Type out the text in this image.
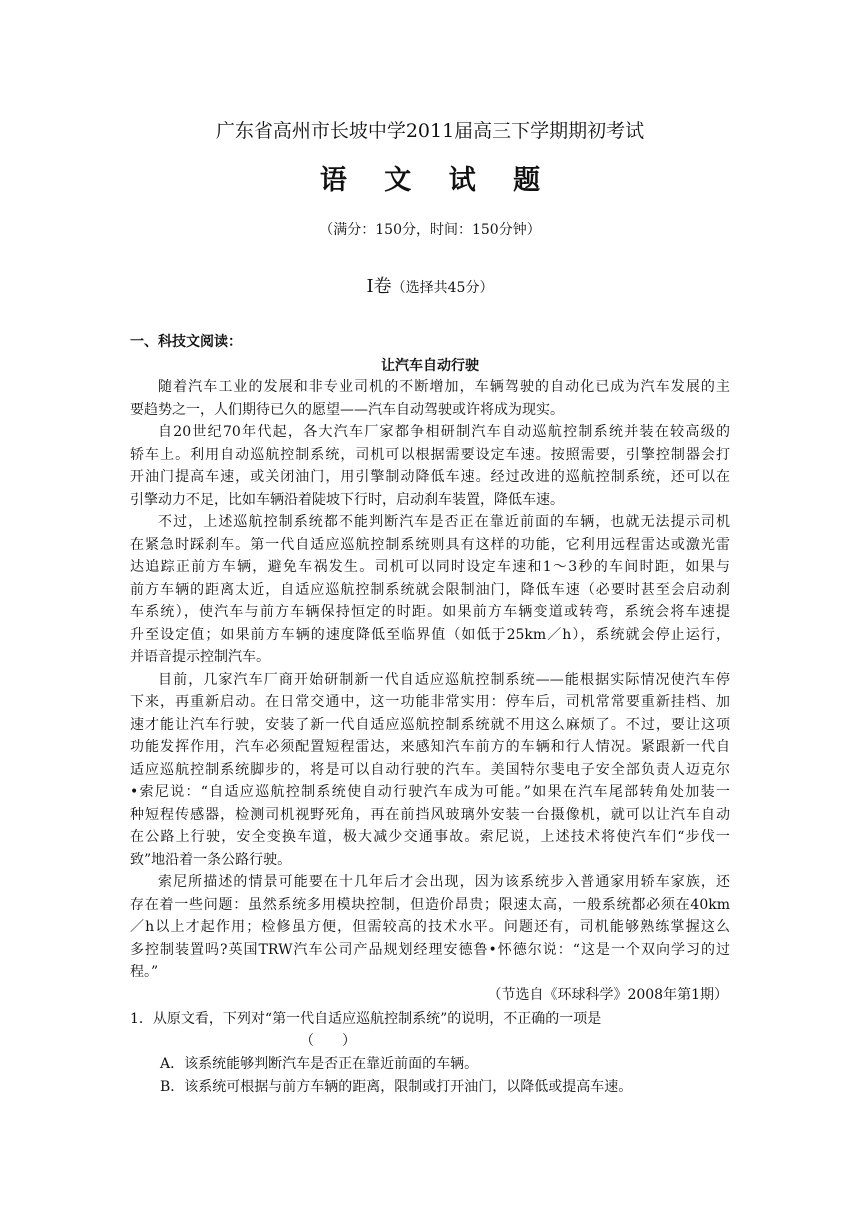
广东省高州市长坡中学2011届高三下学期期初考试
语 文 试 题
（满分：150分，时间：150分钟）
Ⅰ卷（选择共45分）
一、科技文阅读：
让汽车自动行驶
随着汽车工业的发展和非专业司机的不断增加，车辆驾驶的自动化已成为汽车发展的主
要趋势之一，人们期待已久的愿望——汽车自动驾驶或许将成为现实。
自20世纪70年代起，各大汽车厂家都争相研制汽车自动巡航控制系统并装在较高级的
轿车上。利用自动巡航控制系统，司机可以根据需要设定车速。按照需要，引擎控制器会打
开油门提高车速，或关闭油门，用引擎制动降低车速。经过改进的巡航控制系统，还可以在
引擎动力不足，比如车辆沿着陡坡下行时，启动刹车装置，降低车速。
不过，上述巡航控制系统都不能判断汽车是否正在靠近前面的车辆，也就无法提示司机
在紧急时踩刹车。第一代自适应巡航控制系统则具有这样的功能，它利用远程雷达或激光雷
达追踪正前方车辆，避免车祸发生。司机可以同时设定车速和1～3秒的车间时距，如果与
前方车辆的距离太近，自适应巡航控制系统就会限制油门，降低车速（必要时甚至会启动刹
车系统），使汽车与前方车辆保持恒定的时距。如果前方车辆变道或转弯，系统会将车速提
升至设定值；如果前方车辆的速度降低至临界值（如低于25km／h），系统就会停止运行，
并语音提示控制汽车。
目前，几家汽车厂商开始研制新一代自适应巡航控制系统——能根据实际情况使汽车停
下来，再重新启动。在日常交通中，这一功能非常实用：停车后，司机常常要重新挂档、加
速才能让汽车行驶，安装了新一代自适应巡航控制系统就不用这么麻烦了。不过，要让这项
功能发挥作用，汽车必须配置短程雷达，来感知汽车前方的车辆和行人情况。紧跟新一代自
适应巡航控制系统脚步的，将是可以自动行驶的汽车。美国特尔斐电子安全部负责人迈克尔
•索尼说：“自适应巡航控制系统使自动行驶汽车成为可能。”如果在汽车尾部转角处加装一
种短程传感器，检测司机视野死角，再在前挡风玻璃外安装一台摄像机，就可以让汽车自动
在公路上行驶，安全变换车道，极大减少交通事故。索尼说，上述技术将使汽车们“步伐一
致”地沿着一条公路行驶。
索尼所描述的情景可能要在十几年后才会出现，因为该系统步入普通家用轿车家族，还
存在着一些问题：虽然系统多用模块控制，但造价昂贵；限速太高，一般系统都必须在40km
／h以上才起作用；检修虽方便，但需较高的技术水平。问题还有，司机能够熟练掌握这么
多控制装置吗?英国TRW汽车公司产品规划经理安德鲁•怀德尔说：“这是一个双向学习的过
程。”
（节选自《环球科学》2008年第1期）
1．从原文看，下列对“第一代自适应巡航控制系统”的说明，不正确的一项是
（　　）
A．该系统能够判断汽车是否正在靠近前面的车辆。
B．该系统可根据与前方车辆的距离，限制或打开油门，以降低或提高车速。
